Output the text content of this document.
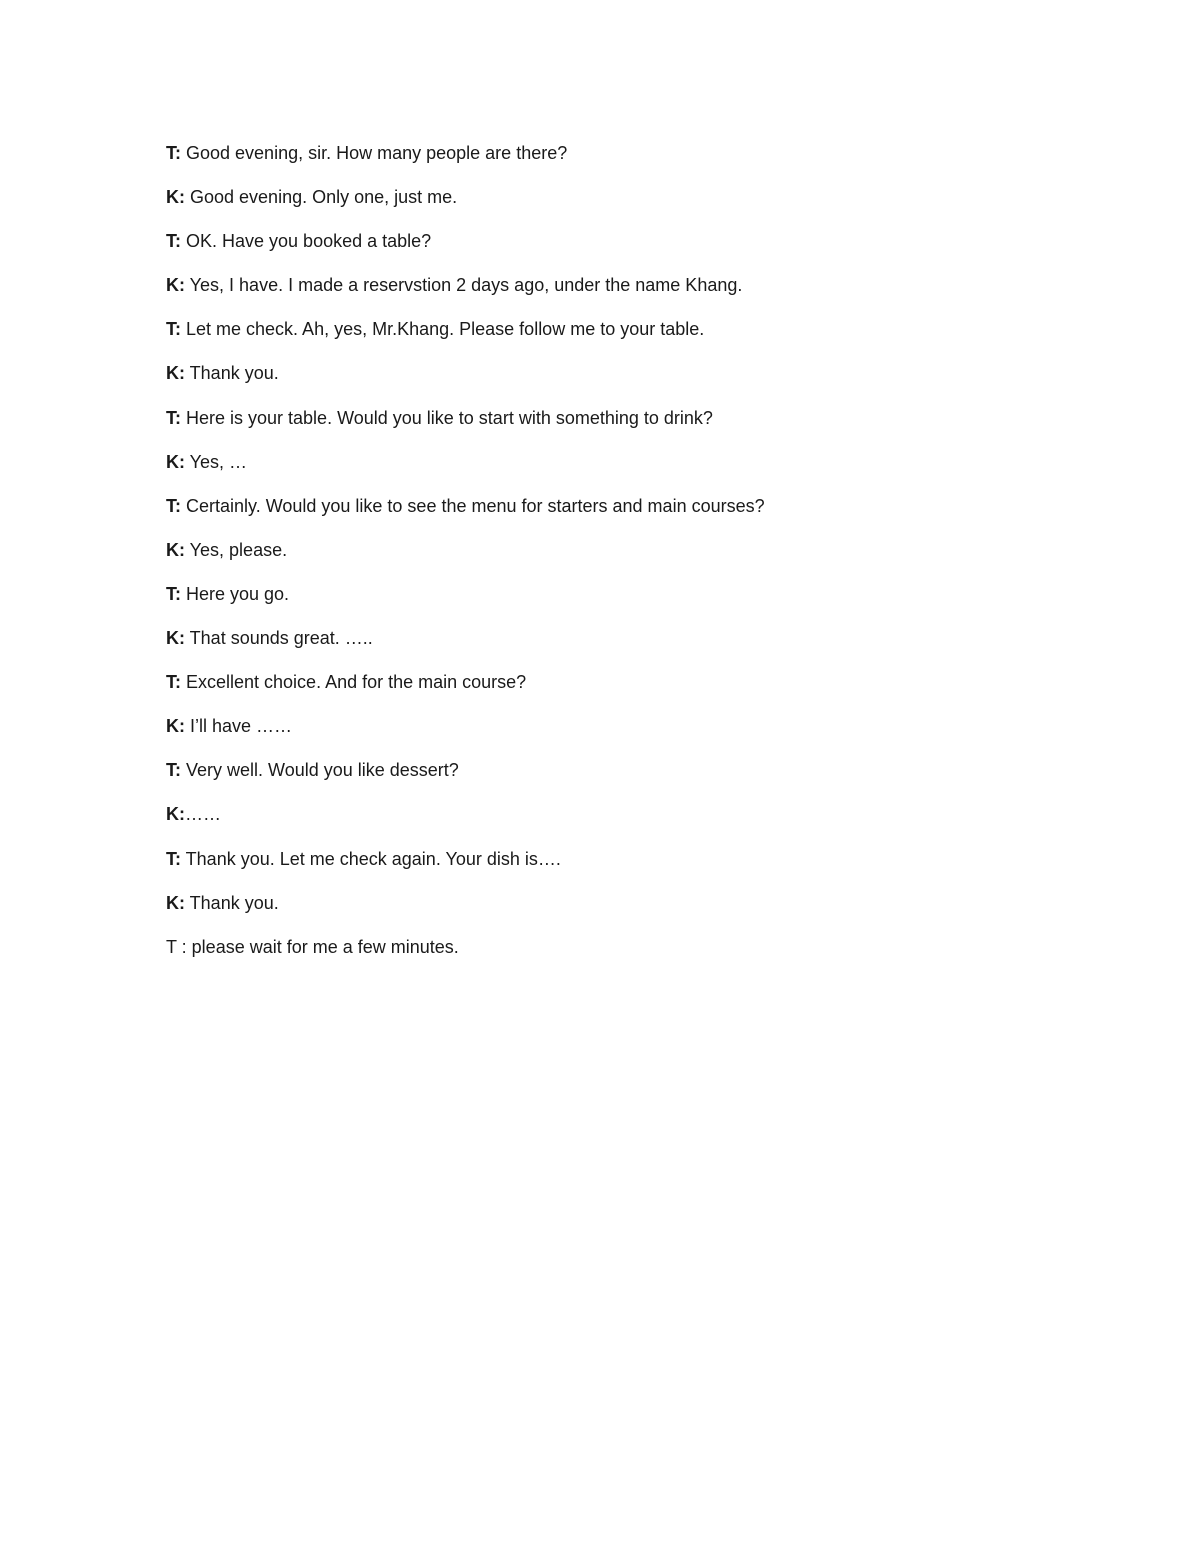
T: Good evening, sir. How many people are there?
K: Good evening. Only one, just me.
T: OK. Have you booked a table?
K: Yes, I have. I made a reservstion 2 days ago, under the name Khang.
T: Let me check. Ah, yes, Mr.Khang. Please follow me to your table.
K: Thank you.
T: Here is your table. Would you like to start with something to drink?
K: Yes, …
T: Certainly. Would you like to see the menu for starters and main courses?
K: Yes, please.
T: Here you go.
K: That sounds great. …..
T: Excellent choice. And for the main course?
K: I’ll have ……
T: Very well. Would you like dessert?
K:……
T: Thank you. Let me check again. Your dish is….
K: Thank you.
T : please wait for me a few minutes.
